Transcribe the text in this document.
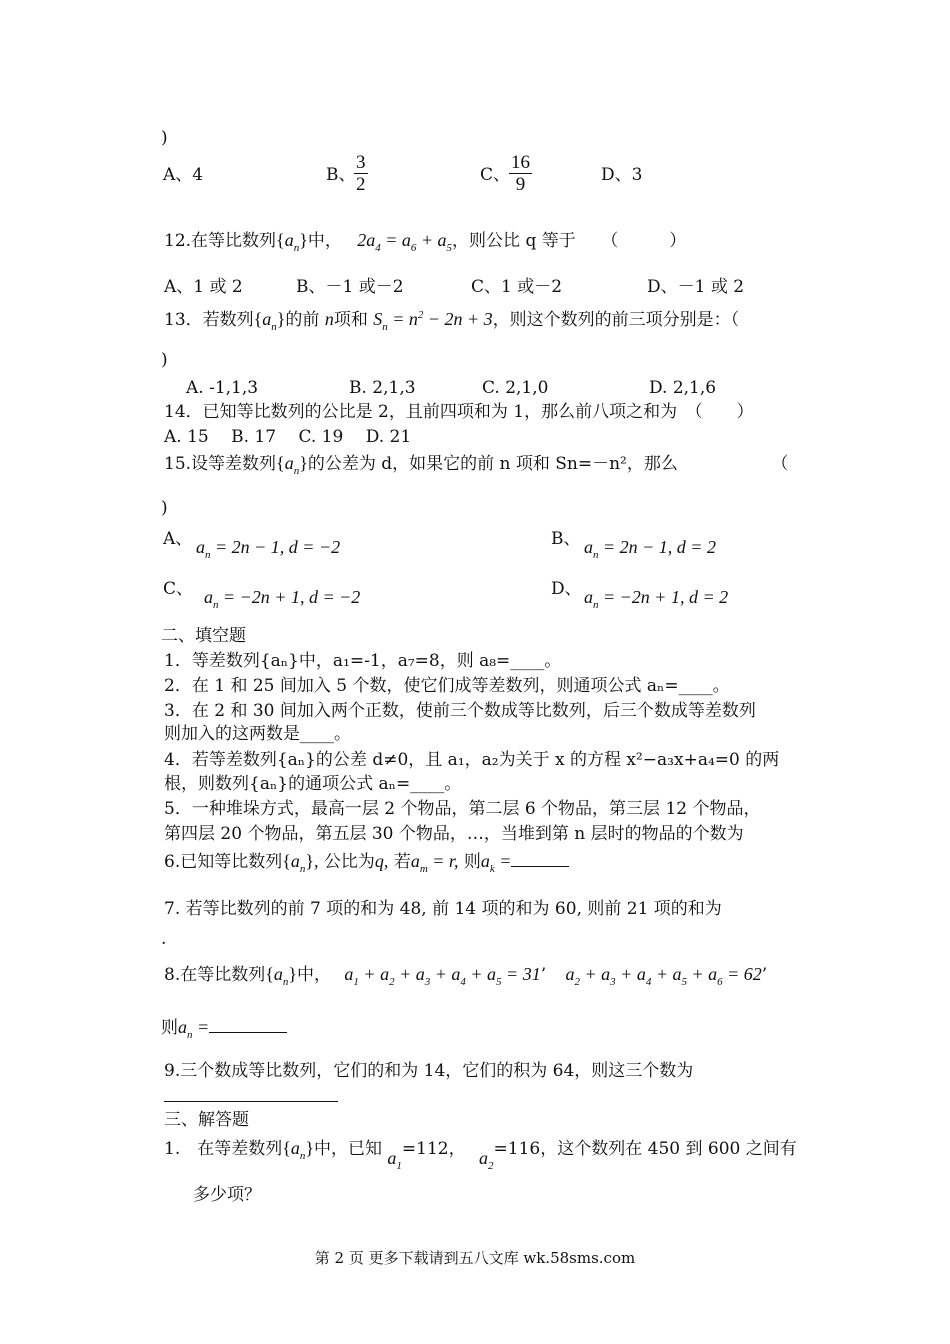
)
A、4	B、
$\frac{3}{2}$	C、
$\frac{16}{9}$	D、3
12.在等比数列$\{a_n\}$中， $2a_4 = a_6 + a_5$，则公比 q 等于　　（　　　）
A、1 或 2	B、－1 或－2	C、1 或－2	D、－1 或 2
13．若数列$\{a_n\}$的前 n项和 $S_n = n^2 - 2n + 3$，则这个数列的前三项分别是：（
)
A. -1,1,3	B. 2,1,3	C. 2,1,0	D. 2,1,6
14．已知等比数列的公比是 2，且前四项和为 1，那么前八项之和为　（　　）
A. 15　 B. 17　 C. 19　 D. 21
15.设等差数列$\{a_n\}$的公差为 d，如果它的前 n 项和 Sn=－n²，那么　　　　　　（
)
A、 $a_n = 2n - 1$, d = −2	B、 $a_n = 2n - 1$, d = 2
C、 $a_n = -2n + 1$, d = −2	D、 $a_n = -2n + 1$, d = 2
二、填空题
1．等差数列{aₙ}中，a₁=-1，a₇=8，则 a₈=____。
2．在 1 和 25 间加入 5 个数，使它们成等差数列，则通项公式 aₙ=____。
3．在 2 和 30 间加入两个正数，使前三个数成等比数列，后三个数成等差数列
则加入的这两数是____。
4．若等差数列{aₙ}的公差 d≠0，且 a₁，a₂为关于 x 的方程 x²−a₃x+a₄=0 的两
根，则数列{aₙ}的通项公式 aₙ=____。
5．一种堆垛方式，最高一层 2 个物品，第二层 6 个物品，第三层 12 个物品，
第四层 20 个物品，第五层 30 个物品，…，当堆到第 n 层时的物品的个数为
6.已知等比数列$\{a_n\}$, 公比为q, 若$a_m = r$, 则$a_k$ =
7. 若等比数列的前 7 项的和为 48, 前 14 项的和为 60, 则前 21 项的和为
.
8.在等比数列$\{a_n\}$中， $a_1 + a_2 + a_3 + a_4 + a_5 = 31$’ $a_2 + a_3 + a_4 + a_5 + a_6 = 62$’
则$a_n$ =
9.三个数成等比数列，它们的和为 14，它们的积为 64，则这三个数为
三、解答题
1.　在等差数列$\{a_n\}$中，已知 $a_1=112$， $a_2=116$，这个数列在 450 到 600 之间有
多少项？
第 2 页 更多下载请到五八文库 wk.58sms.com
